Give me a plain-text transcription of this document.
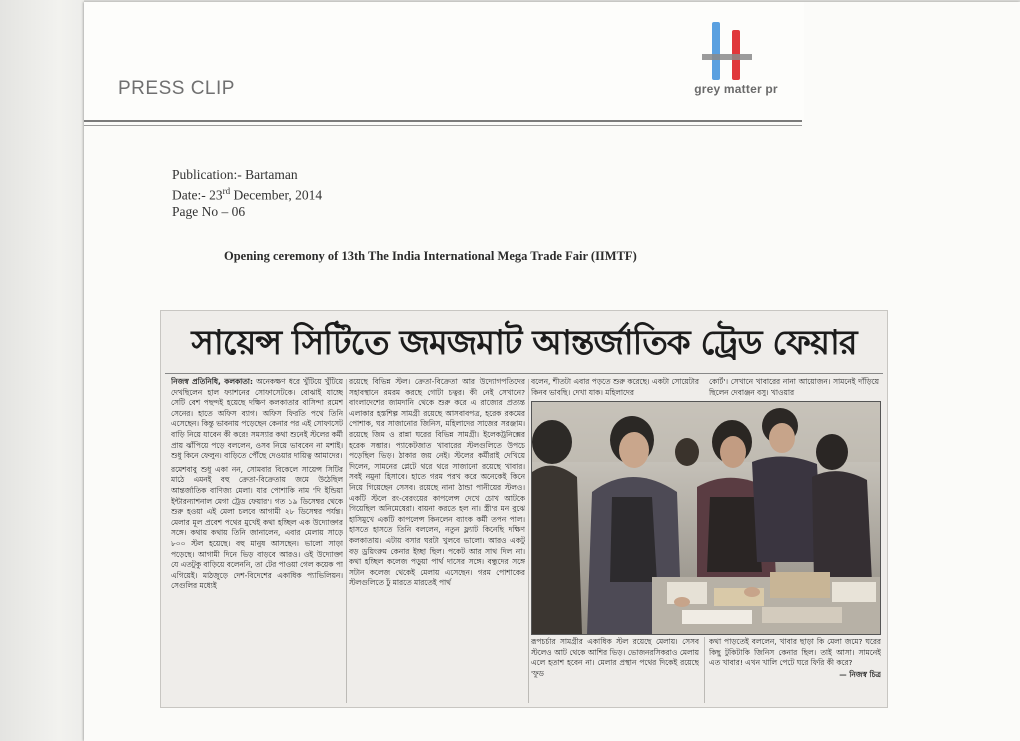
PRESS CLIP	grey matter pr
Publication:- Bartaman
Date:- 23rd December, 2014
Page No – 06
Opening ceremony of 13th The India International Mega Trade Fair (IIMTF)
সায়েন্স সিটিতে জমজমাট আন্তর্জাতিক ট্রেড ফেয়ার

নিজস্ব প্রতিনিধি, কলকাতা: অনেকক্ষণ ধরে খুঁটিয়ে খুঁটিয়ে দেখছিলেন হাল ফ্যাশনের সোফাসেটকে। বোঝাই যাচ্ছে সেটি বেশ পছন্দই হয়েছে দক্ষিণ কলকাতার বাসিন্দা রমেশ সেনের। হাতে অফিস ব্যাগ। অফিস ফিরতি পথে তিনি এসেছেন। কিন্তু ভাবনায় পড়েছেন কেনার পর এই সোফাসেট বাড়ি নিয়ে যাবেন কী করে! সমস্যার কথা শুনেই স্টলের কর্মী প্রায় ঝাঁপিয়ে পড়ে বললেন, ওসব নিয়ে ভাববেন না মশাই। শুধু কিনে ফেলুন। বাড়িতে পৌঁছে দেওয়ার দায়িত্ব আমাদের।

রমেশবাবু শুধু একা নন, সোমবার বিকেলে সায়েন্স সিটির মাঠে এমনই বহু ক্রেতা-বিক্রেতায় জমে উঠেছিল আন্তর্জাতিক বাণিজ্য মেলা। যার পোশাকি নাম 'দি ইন্ডিয়া ইন্টারন্যাশনাল মেগা ট্রেড ফেয়ার'। গত ১৯ ডিসেম্বর থেকে শুরু হওয়া এই মেলা চলবে আগামী ২৮ ডিসেম্বর পর্যন্ত। মেলার মূল প্রবেশ পথের মুখেই কথা হচ্ছিল এক উদ্যোক্তার সঙ্গে। কথায় কথায় তিনি জানালেন, এবার মেলায় সাড়ে ৮০০ স্টল হয়েছে। বহু মানুষ আসছেন। ভালো সাড়া পড়েছে। আগামী দিনে ভিড় বাড়বে আরও। ওই উদ্যোক্তা যে এতটুকু বাড়িয়ে বলেননি, তা টের পাওয়া গেল কয়েক পা এগিয়েই। মাঠজুড়ে দেশ-বিদেশের একাধিক প্যাভিলিয়ন। সেগুলির মধ্যেই

রয়েছে বিভিন্ন স্টল। ক্রেতা-বিক্রেতা আর উদ্যোগপতিদের সহাবস্থানে রমরম করছে গোটা চত্বর। কী নেই সেখানে? বাংলাদেশের জামদানি থেকে শুরু করে এ রাজ্যের প্রত্যন্ত এলাকার হস্তশিল্প সামগ্রী রয়েছে আসবাবপত্র, হরেক রকমের পোশাক, ঘর সাজানোর জিনিস, মহিলাদের সাজের সরঞ্জাম। রয়েছে জিম ও রান্না ঘরের বিভিন্ন সামগ্রী। ইলেকট্রনিক্সের হরেক সম্ভার। প্যাকেটজাত খাবারের স্টলগুলিতে উপচে পড়েছিল ভিড়। ঠাকার জয় নেই। স্টলের কর্মীরাই দেখিয়ে দিলেন, সামনের প্লেটে থরে থরে সাজানো রয়েছে খাবার। সবই নমুনা হিসাবে। হাতে গরম পরখ করে অনেকেই কিনে নিয়ে গিয়েছেন সেসব। রয়েছে নানা ঠান্ডা পানীয়ের স্টলও। একটি স্টলে রং-বেরংয়ের কাপলেন্স দেখে চোখ আটকে গিয়েছিল অনিমেষেরা। বায়না করতে হল না। স্ত্রী'র মন বুঝে হাসিমুখে একটি কাপলেন্স কিনলেন ব্যাংক কর্মী তপন পাল। হাসতে হাসতে তিনি বললেন, নতুন ফ্ল্যাট কিনেছি দক্ষিণ কলকাতায়। এটায় বসার ঘরটা খুলবে ভালো। আরও একটু বড় ড্রয়িংরুম কেনার ইচ্ছা ছিল। পকেট আর সাথ দিল না। কথা হচ্ছিল কলেজ পড়ুয়া পার্থ দাসের সঙ্গে। বন্ধুদের সঙ্গে সটান কলেজ থেকেই মেলায় এসেছেন। গরম পোশাকের স্টলগুলিতে ঢুঁ মারতে মারতেই পার্থ

বলেন, শীতটা এবার পড়তে শুরু করেছে। একটা সোয়েটার কিনব ভাবছি। দেখা যাক। মহিলাদের
কোর্ট'। সেখানে খাবারের নানা আয়োজন। সামনেই দাঁড়িয়ে ছিলেন দেবাঞ্জন বসু। খাওয়ার

রূপচর্চার সামগ্রীর একাধিক স্টল রয়েছে মেলায়। সেসব স্টলেও আট থেকে আশির ভিড়। ভোজনরসিকরাও মেলায় এলে হতাশ হবেন না। মেলার প্রস্থান পথের দিকেই রয়েছে 'ফুড

কথা পাড়তেই বললেন, খাবার ছাড়া কি মেলা জমে? ঘরের কিছু টুকিটাকি জিনিস কেনার ছিল। তাই আসা। সামনেই এত খাবার! এখন খালি পেটে ঘরে ফিরি কী করে?
— নিজস্ব চিত্র
